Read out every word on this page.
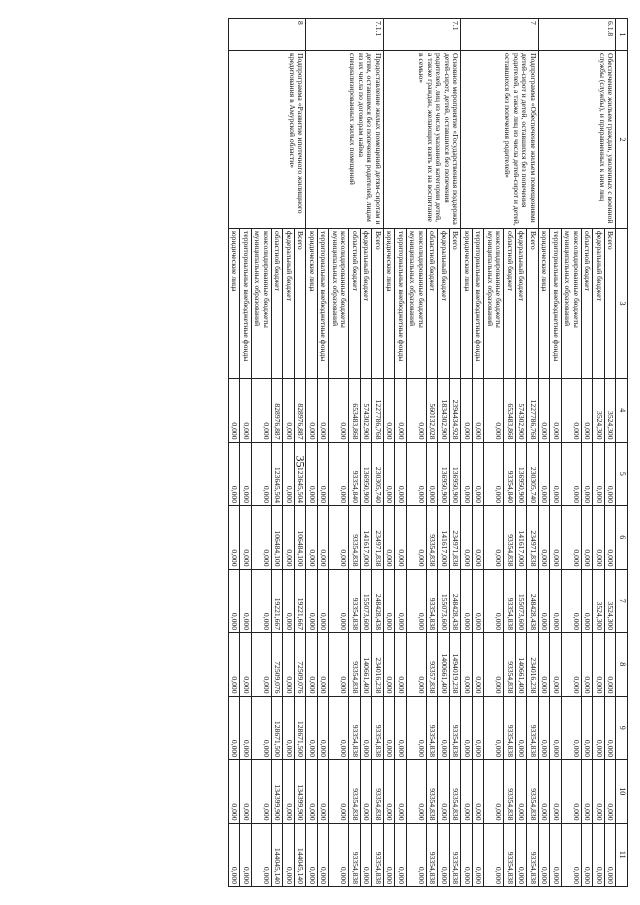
35
1	2	3	4	5	6	7	8	9	10	11
6.1.8	Обеспечение жильем граждан, уволенных с военной службы (службы), и приравненных к ним лиц	Всего	3524,300	0,000	0,000	3524,300	0,000	0,000	0,000	0,000
		федеральный бюджет	3524,300	0,000	0,000	3524,300	0,000	0,000	0,000	0,000
		областной бюджет	0,000	0,000	0,000	0,000	0,000	0,000	0,000	0,000
		консолидированные бюджеты муниципальных образований	0,000	0,000	0,000	0,000	0,000	0,000	0,000	0,000
		территориальные внебюджетные фонды	0,000	0,000	0,000	0,000	0,000	0,000	0,000	0,000
		юридические лица	0,000	0,000	0,000	0,000	0,000	0,000	0,000	0,000
7	Подпрограмма «Обеспечение жильем помещениями детей-сирот и детей, оставшихся без попечения родителей, а также лиц из числа детей-сирот и детей, оставшихся без попечения родителей»	Всего	1227786,768	230305,740	234971,838	248428,438	234016,238	93354,838	93354,838	93354,838
		федеральный бюджет	574302,900	136950,900	141617,000	155073,600	140661,400	0,000	0,000	0,000
		областной бюджет	653483,868	93354,840	93354,838	93354,838	93354,838	93354,838	93354,838	93354,838
		консолидированные бюджеты муниципальных образований	0,000	0,000	0,000	0,000	0,000	0,000	0,000	0,000
		территориальные внебюджетные фонды	0,000	0,000	0,000	0,000	0,000	0,000	0,000	0,000
		юридические лица	0,000	0,000	0,000	0,000	0,000	0,000	0,000	0,000
7.1	Основное мероприятие «Государственная поддержка детей-сирот, детей, оставшихся без попечения родителей, лиц из числа указанной категории детей, а также граждан, желающих взять их на воспитание в семью»	Всего	2394434,928	136950,900	234971,838	248428,438	1494019,238	93354,838	93354,838	93354,838
		федеральный бюджет	1834302,900	136950,900	141617,000	155073,600	1400661,400	0,000	0,000	0,000
		областной бюджет	560132,028	0,000	93354,838	93354,838	93357,838	93354,838	93354,838	93354,838
		консолидированные бюджеты муниципальных образований	0,000	0,000	0,000	0,000	0,000	0,000	0,000	0,000
		территориальные внебюджетные фонды	0,000	0,000	0,000	0,000	0,000	0,000	0,000	0,000
		юридические лица	0,000	0,000	0,000	0,000	0,000	0,000	0,000	0,000
7.1.1	Предоставление жилых помещений детям-сиротам и детям, оставшимся без попечения родителей, лицам из их числа по договорам найма специализированных жилых помещений	Всего	1227786,768	230305,740	234971,838	248428,438	234016,238	93354,838	93354,838	93354,838
		федеральный бюджет	574302,900	136950,900	141617,000	155073,600	140661,400	0,000	0,000	0,000
		областной бюджет	653483,868	93354,840	93354,838	93354,838	93354,838	93354,838	93354,838	93354,838
		консолидированные бюджеты муниципальных образований	0,000	0,000	0,000	0,000	0,000	0,000	0,000	0,000
		территориальные внебюджетные фонды	0,000	0,000	0,000	0,000	0,000	0,000	0,000	0,000
		юридические лица	0,000	0,000	0,000	0,000	0,000	0,000	0,000	0,000
8	Подпрограмма «Развитие ипотечного жилищного кредитования в Амурской области»	Всего	828976,887	123645,504	106484,100	19221,667	72509,076	128671,500	134399,900	144045,140
		федеральный бюджет	0,000	0,000	0,000	0,000	0,000	0,000	0,000	0,000
		областной бюджет	828976,887	123645,504	106484,100	19221,667	72509,076	128671,500	134399,900	144045,140
		консолидированные бюджеты муниципальных образований	0,000	0,000	0,000	0,000	0,000	0,000	0,000	0,000
		территориальные внебюджетные фонды	0,000	0,000	0,000	0,000	0,000	0,000	0,000	0,000
		юридические лица	0,000	0,000	0,000	0,000	0,000	0,000	0,000	0,000
